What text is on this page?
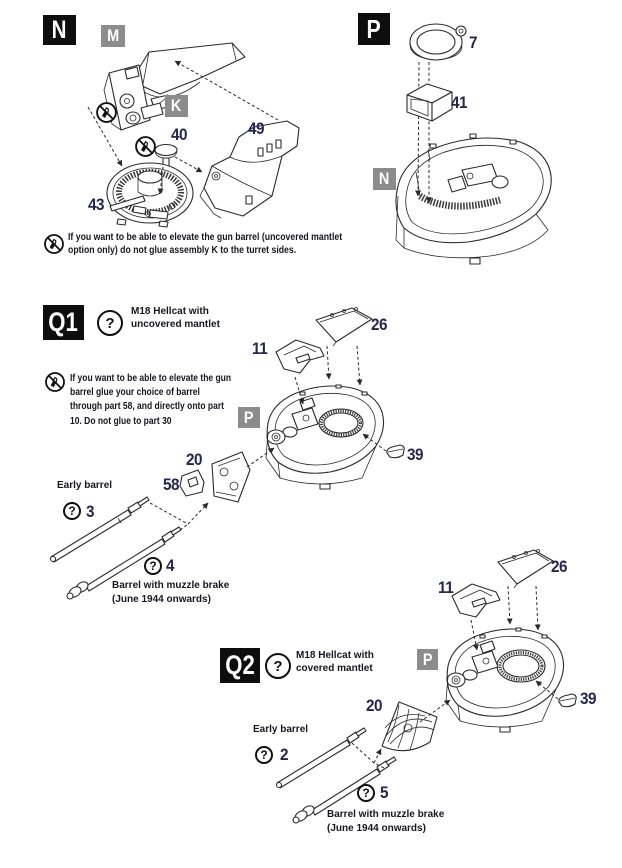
N M
K
40	49
43
If you want to be able to elevate the gun barrel (uncovered mantlet option only) do not glue assembly K to the turret sides.
P	7
41
N
Q1 ?
M18 Hellcat with
uncovered mantlet
If you want to be able to elevate the gun barrel glue your choice of barrel through part 58, and directly onto part 10. Do not glue to part 30
26
11
P
39
20
58
Early barrel
? 3
? 4
Barrel with muzzle brake
(June 1944 onwards)
26
11
Q2 ?
M18 Hellcat with
covered mantlet	P
39
20
Early barrel
? 2
? 5
Barrel with muzzle brake
(June 1944 onwards)
